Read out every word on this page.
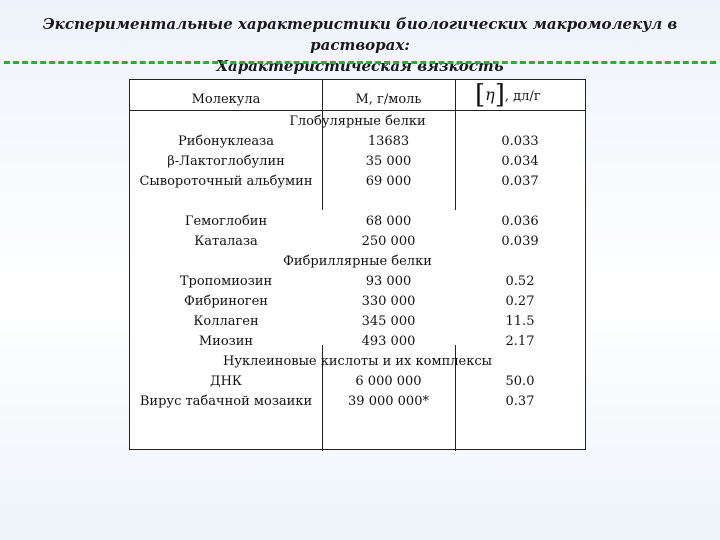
Экспериментальные характеристики биологических макромолекул в растворах:
Характеристическая вязкость
Молекула	М, г/моль	[η], дл/г
Глобулярные белки
Рибонуклеаза	13683	0.033
β-Лактоглобулин	35 000	0.034
Сывороточный альбумин	69 000	0.037
Гемоглобин	68 000	0.036
Каталаза	250 000	0.039
Фибриллярные белки
Тропомиозин	93 000	0.52
Фибриноген	330 000	0.27
Коллаген	345 000	11.5
Миозин	493 000	2.17
Нуклеиновые кислоты и их комплексы
ДНК	6 000 000	50.0
Вирус табачной мозаики	39 000 000*	0.37
